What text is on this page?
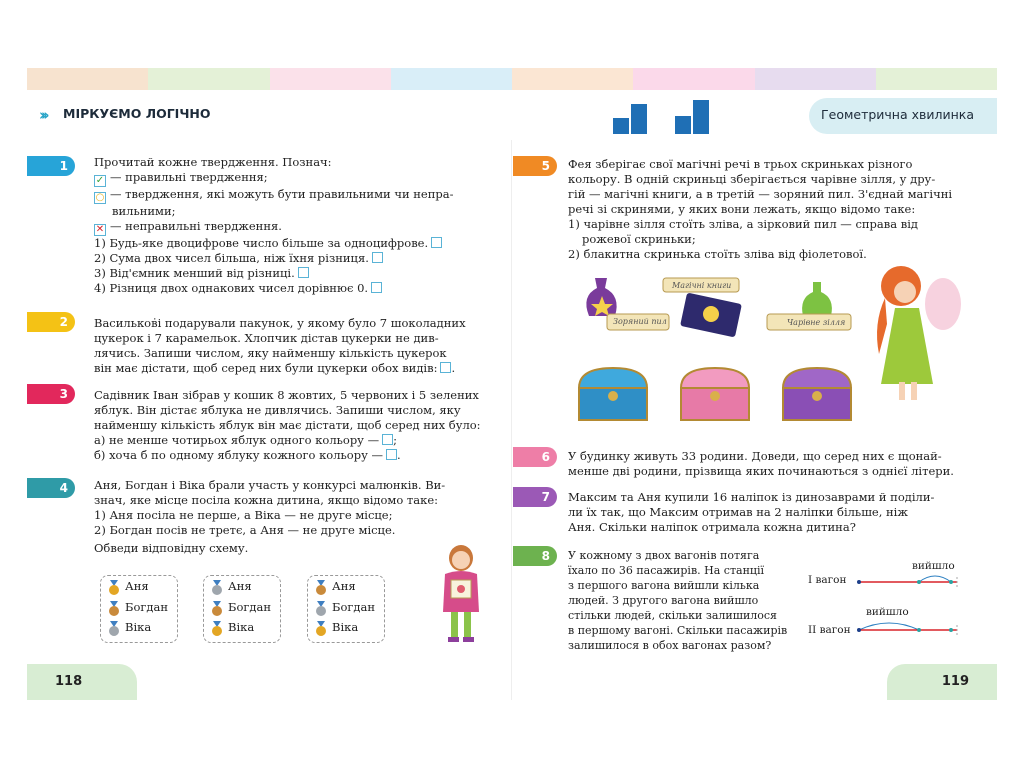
››› МІРКУЄМО ЛОГІЧНО	Геометрична хвилинка
1	Прочитай кожне твердження. Познач:

✓ — правильні твердження;

○ — твердження, які можуть бути правильними чи непра-

вильними;

✕ — неправильні твердження.

1) Будь-яке двоцифрове число більше за одноцифрове.

2) Сума двох чисел більша, ніж їхня різниця.

3) Від'ємник менший від різниці.

4) Різниця двох однакових чисел дорівнює 0.

2	Васильков̇і подарували пакунок, у якому було 7 шоколадних

цукерок і 7 карамельок. Хлопчик дістав цукерки не див-

лячись. Запиши числом, яку найменшу кількість цукерок

він має дістати, щоб серед них були цукерки обох видів: .

3	Садівник Іван зібрав у кошик 8 жовтих, 5 червоних і 5 зелених

яблук. Він дістає яблука не дивлячись. Запиши числом, яку

найменшу кількість яблук він має дістати, щоб серед них було:

а) не менше чотирьох яблук одного кольору — ;

б) хоча б по одному яблуку кожного кольору — .

4	Аня, Богдан і Віка брали участь у конкурсі малюнків. Ви-

знач, яке місце посіла кожна дитина, якщо відомо таке:

1) Аня посіла не перше, а Віка — не друге місце;

2) Богдан посів не третє, а Аня — не друге місце.

Обведи відповідну схему.

Аня
Богдан
Віка
Аня
Богдан
Віка
Аня
Богдан
Віка
118
5	Фея зберігає свої магічні речі в трьох скриньках різного

кольору. В одній скриньці зберігається чарівне зілля, у дру-

гій — магічні книги, а в третій — зоряний пил. З'єднай магічні

речі зі скринями, у яких вони лежать, якщо відомо таке:

1) чарівне зілля стоїть зліва, а зірковий пил — справа від

рожевої скриньки;

2) блакитна скринька стоїть зліва від фіолетової.

Зоряний пил
Магічні книги
Чарівне зілля
6	У будинку живуть 33 родини. Доведи, що серед них є щонай-

менше дві родини, прізвища яких починаються з однієї літери.

7	Максим та Аня купили 16 наліпок із динозаврами й поділи-

ли їх так, що Максим отримав на 2 наліпки більше, ніж

Аня. Скільки наліпок отримала кожна дитина?

8	У кожному з двох вагонів потяга

їхало по 36 пасажирів. На станції

з першого вагона вийшли кілька

людей. З другого вагона вийшло

стільки людей, скільки залишилося

в першому вагоні. Скільки пасажирів

залишилося в обох вагонах разом?

І вагон
вийшло
ІІ вагон
вийшло
119
